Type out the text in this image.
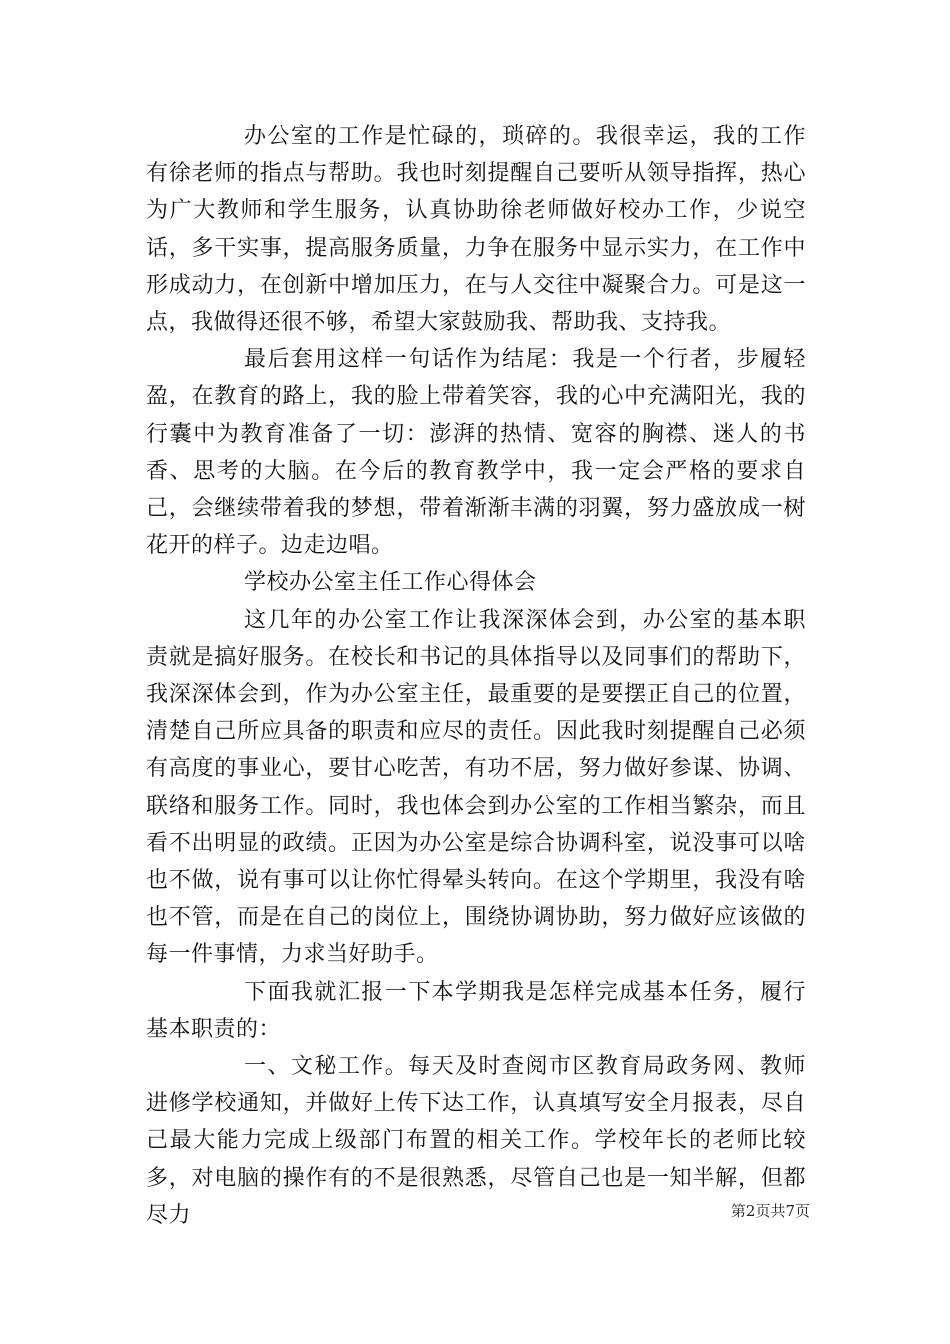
办公室的工作是忙碌的，琐碎的。我很幸运，我的工作有徐老师的指点与帮助。我也时刻提醒自己要听从领导指挥，热心为广大教师和学生服务，认真协助徐老师做好校办工作，少说空话，多干实事，提高服务质量，力争在服务中显示实力，在工作中形成动力，在创新中增加压力，在与人交往中凝聚合力。可是这一点，我做得还很不够，希望大家鼓励我、帮助我、支持我。

最后套用这样一句话作为结尾：我是一个行者，步履轻盈，在教育的路上，我的脸上带着笑容，我的心中充满阳光，我的行囊中为教育准备了一切：澎湃的热情、宽容的胸襟、迷人的书香、思考的大脑。在今后的教育教学中，我一定会严格的要求自己，会继续带着我的梦想，带着渐渐丰满的羽翼，努力盛放成一树花开的样子。边走边唱。

学校办公室主任工作心得体会

这几年的办公室工作让我深深体会到，办公室的基本职责就是搞好服务。在校长和书记的具体指导以及同事们的帮助下，我深深体会到，作为办公室主任，最重要的是要摆正自己的位置，清楚自己所应具备的职责和应尽的责任。因此我时刻提醒自己必须有高度的事业心，要甘心吃苦，有功不居，努力做好参谋、协调、联络和服务工作。同时，我也体会到办公室的工作相当繁杂，而且看不出明显的政绩。正因为办公室是综合协调科室，说没事可以啥也不做，说有事可以让你忙得晕头转向。在这个学期里，我没有啥也不管，而是在自己的岗位上，围绕协调协助，努力做好应该做的每一件事情，力求当好助手。

下面我就汇报一下本学期我是怎样完成基本任务，履行基本职责的：

一、文秘工作。每天及时查阅市区教育局政务网、教师进修学校通知，并做好上传下达工作，认真填写安全月报表，尽自己最大能力完成上级部门布置的相关工作。学校年长的老师比较多，对电脑的操作有的不是很熟悉，尽管自己也是一知半解，但都尽力	第2页共7页
